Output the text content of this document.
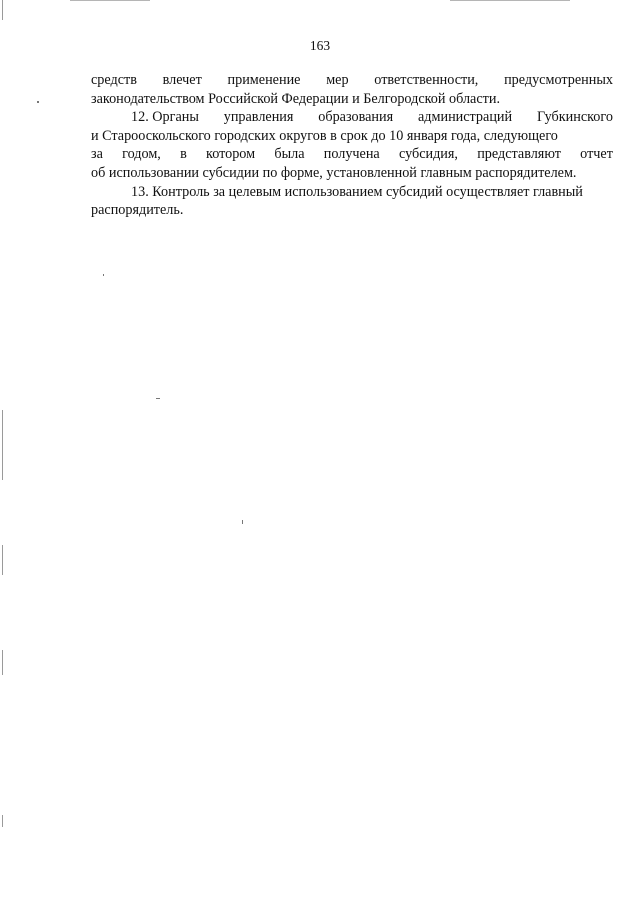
163
средств влечет применение мер ответственности, предусмотренных
законодательством Российской Федерации и Белгородской области.
12. Органы управления образования администраций Губкинского
и Старооскольского городских округов в срок до 10 января года, следующего
за годом, в котором была получена субсидия, представляют отчет
об использовании субсидии по форме, установленной главным распорядителем.
13. Контроль за целевым использованием субсидий осуществляет главный
распорядитель.
